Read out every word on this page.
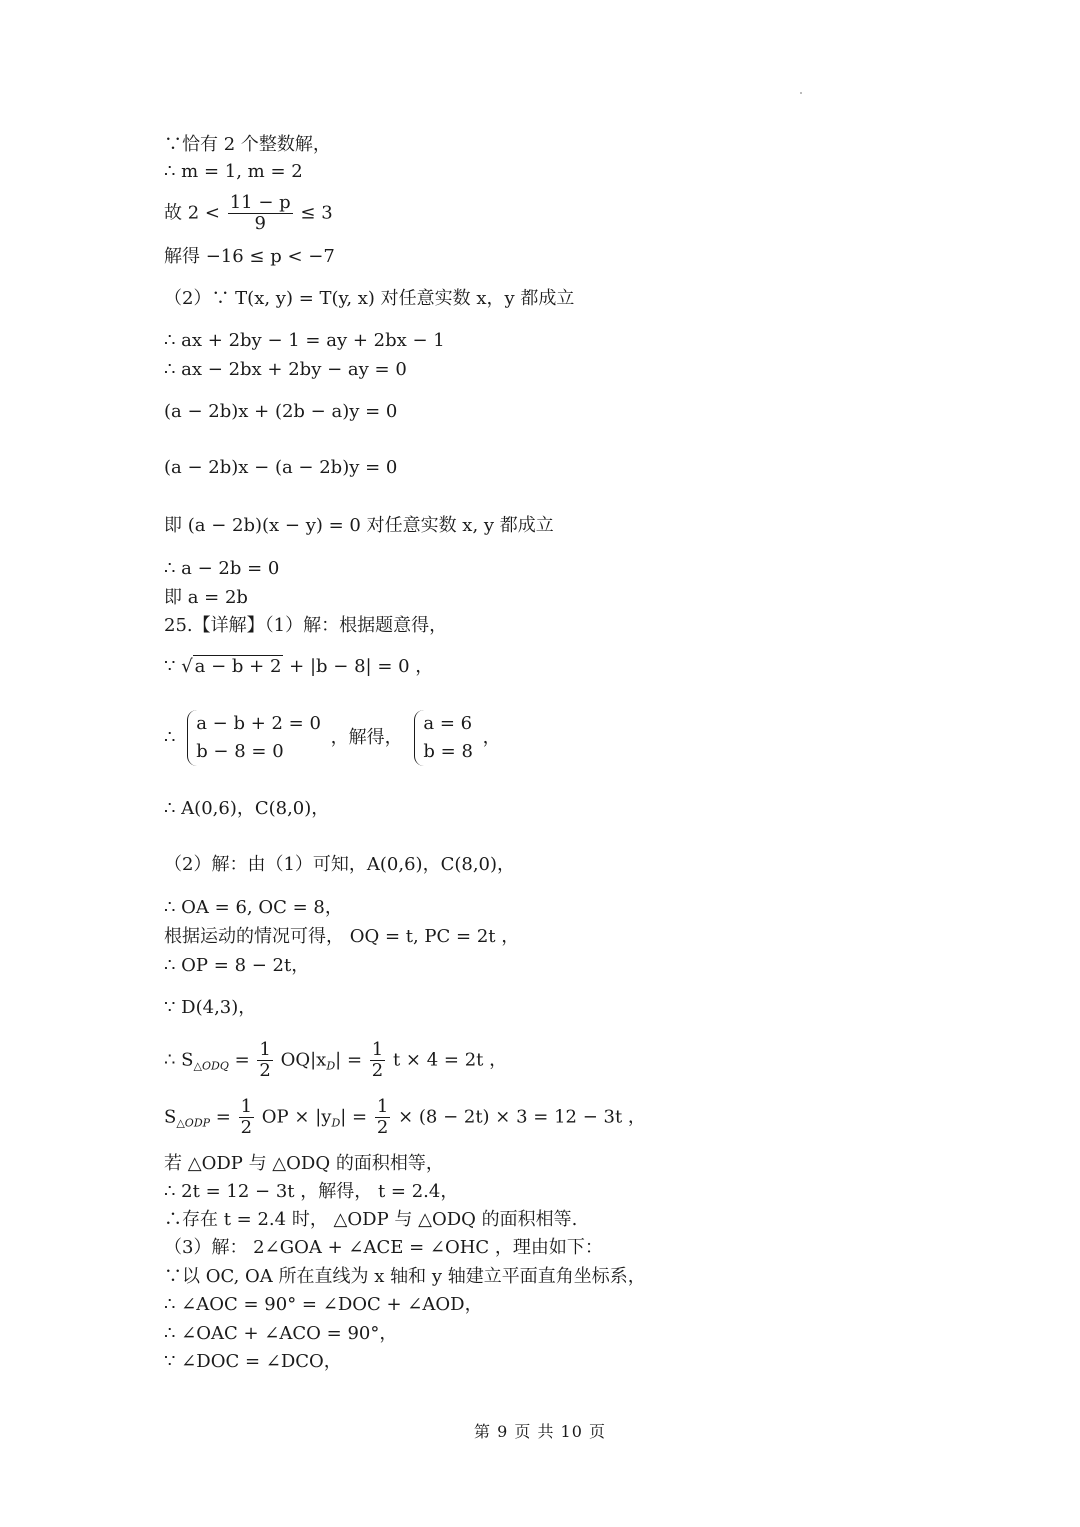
∵恰有 2 个整数解，
∴ m = 1, m = 2
故 $2 < \frac{11 - p}{9} \le 3$
解得 −16 ≤ p < −7
（2）∵ T(x, y) = T(y, x) 对任意实数 x，y 都成立
∴ ax + 2by − 1 = ay + 2bx − 1
∴ ax − 2bx + 2by − ay = 0
(a − 2b)x + (2b − a)y = 0
(a − 2b)x − (a − 2b)y = 0
即 (a − 2b)(x − y) = 0 对任意实数 x, y 都成立
∴ a − 2b = 0
即 a = 2b
25.【详解】（1）解：根据题意得，
∵ √ a − b + 2 + |b − 8| = 0 ，
∴
a − b + 2 = 0
b − 8 = 0
，解得，
a = 6
b = 8
，
∴ A(0,6)，C(8,0)，
（2）解：由（1）可知，A(0,6)，C(8,0)，
∴ OA = 6, OC = 8，
根据运动的情况可得， OQ = t, PC = 2t ，
∴ OP = 8 − 2t，
∵ D(4,3)，
∴ $S_{\triangle ODQ} = \frac{1}{2} OQ|x_D| = \frac{1}{2}$ t × 4 = 2t ，
$S_{\triangle ODP} = \frac{1}{2}$ OP × $|y_D| = \frac{1}{2} \times (8 - 2t) \times 3 = 12 - 3t$ ，
若 △ODP 与 △ODQ 的面积相等，
∴ 2t = 12 − 3t ，解得， t = 2.4，
∴存在 t = 2.4 时， △ODP 与 △ODQ 的面积相等.
（3）解： 2∠GOA + ∠ACE = ∠OHC ，理由如下：
∵以 OC, OA 所在直线为 x 轴和 y 轴建立平面直角坐标系，
∴ ∠AOC = 90° = ∠DOC + ∠AOD，
∴ ∠OAC + ∠ACO = 90°，
∵ ∠DOC = ∠DCO，
第 9 页 共 10 页
